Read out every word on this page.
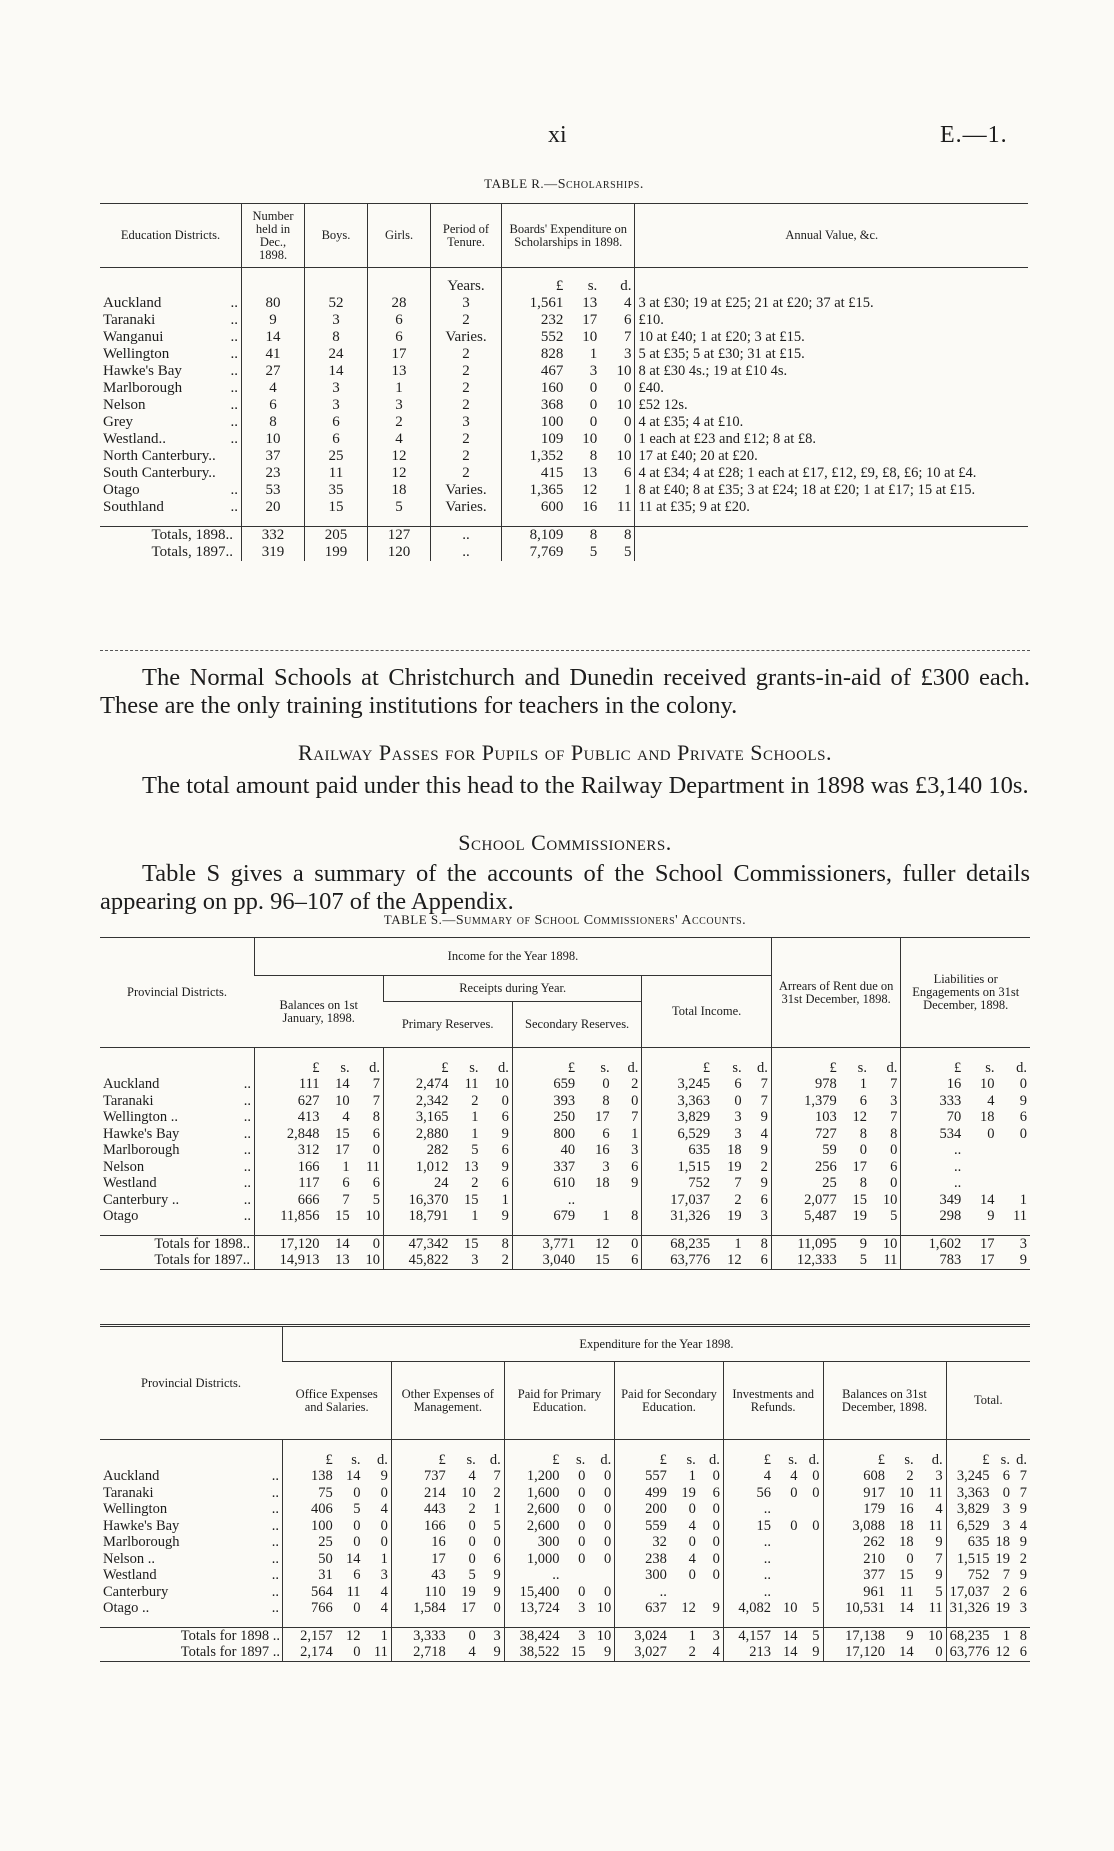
xi	E.—1.
TABLE R.—Scholarships.
Education Districts.	Number held in Dec., 1898.	Boys.	Girls.	Period of Tenure.	Boards' Expenditure on Scholarships in 1898.			Annual Value, &c.

				Years.	£	s.	d.	
Auckland ..	80	52	28	3	1,561	13	4	3 at £30; 19 at £25; 21 at £20; 37 at £15.
Taranaki ..	9	3	6	2	232	17	6	£10.
Wanganui ..	14	8	6	Varies.	552	10	7	10 at £40; 1 at £20; 3 at £15.
Wellington ..	41	24	17	2	828	1	3	5 at £35; 5 at £30; 31 at £15.
Hawke's Bay ..	27	14	13	2	467	3	10	8 at £30 4s.; 19 at £10 4s.
Marlborough ..	4	3	1	2	160	0	0	£40.
Nelson ..	6	3	3	2	368	0	10	£52 12s.
Grey ..	8	6	2	3	100	0	0	4 at £35; 4 at £10.
Westland.. ..	10	6	4	2	109	10	0	1 each at £23 and £12; 8 at £8.
North Canterbury..	37	25	12	2	1,352	8	10	17 at £40; 20 at £20.
South Canterbury..	23	11	12	2	415	13	6	4 at £34; 4 at £28; 1 each at £17, £12, £9, £8, £6; 10 at £4.
Otago ..	53	35	18	Varies.	1,365	12	1	8 at £40; 8 at £35; 3 at £24; 18 at £20; 1 at £17; 15 at £15.
Southland ..	20	15	5	Varies.	600	16	11	11 at £35; 9 at £20.

Totals, 1898..	332	205	127	..	8,109	8	8	
Totals, 1897..	319	199	120	..	7,769	5	5	

The Normal Schools at Christchurch and Dunedin received grants-in-aid of £300 each. These are the only training institutions for teachers in the colony.

Railway Passes for Pupils of Public and Private Schools.

The total amount paid under this head to the Railway Department in 1898 was £3,140 10s.

School Commissioners.

Table S gives a summary of the accounts of the School Commissioners, fuller details appearing on pp. 96–107 of the Appendix.

TABLE S.—Summary of School Commissioners' Accounts.
Provincial Districts.	Income for the Year 1898.												Arrears of Rent due on 31st December, 1898.			Liabilities or Engagements on 31st December, 1898.		
	Balances on 1st January, 1898.			Receipts during Year.						Total Income.								
				Primary Reserves.			Secondary Reserves.											
	£	s.	d.	£	s.	d.	£	s.	d.	£	s.	d.	£	s.	d.	£	s.	d.
Auckland ..	111	14	7	2,474	11	10	659	0	2	3,245	6	7	978	1	7	16	10	0
Taranaki ..	627	10	7	2,342	2	0	393	8	0	3,363	0	7	1,379	6	3	333	4	9
Wellington .. ..	413	4	8	3,165	1	6	250	17	7	3,829	3	9	103	12	7	70	18	6
Hawke's Bay ..	2,848	15	6	2,880	1	9	800	6	1	6,529	3	4	727	8	8	534	0	0
Marlborough ..	312	17	0	282	5	6	40	16	3	635	18	9	59	0	0	..		
Nelson ..	166	1	11	1,012	13	9	337	3	6	1,515	19	2	256	17	6	..		
Westland ..	117	6	6	24	2	6	610	18	9	752	7	9	25	8	0	..		
Canterbury .. ..	666	7	5	16,370	15	1	..			17,037	2	6	2,077	15	10	349	14	1
Otago ..	11,856	15	10	18,791	1	9	679	1	8	31,326	19	3	5,487	19	5	298	9	11

Totals for 1898..	17,120	14	0	47,342	15	8	3,771	12	0	68,235	1	8	11,095	9	10	1,602	17	3
Totals for 1897..	14,913	13	10	45,822	3	2	3,040	15	6	63,776	12	6	12,333	5	11	783	17	9
Provincial Districts.	Expenditure for the Year 1898.																				
	Office Expenses and Salaries.			Other Expenses of Management.			Paid for Primary Education.			Paid for Secondary Education.			Investments and Refunds.			Balances on 31st December, 1898.			Total.		
	£	s.	d.	£	s.	d.	£	s.	d.	£	s.	d.	£	s.	d.	£	s.	d.	£	s.	d.
Auckland ..	138	14	9	737	4	7	1,200	0	0	557	1	0	4	4	0	608	2	3	3,245	6	7
Taranaki ..	75	0	0	214	10	2	1,600	0	0	499	19	6	56	0	0	917	10	11	3,363	0	7
Wellington ..	406	5	4	443	2	1	2,600	0	0	200	0	0	..			179	16	4	3,829	3	9
Hawke's Bay ..	100	0	0	166	0	5	2,600	0	0	559	4	0	15	0	0	3,088	18	11	6,529	3	4
Marlborough ..	25	0	0	16	0	0	300	0	0	32	0	0	..			262	18	9	635	18	9
Nelson .. ..	50	14	1	17	0	6	1,000	0	0	238	4	0	..			210	0	7	1,515	19	2
Westland ..	31	6	3	43	5	9	..			300	0	0	..			377	15	9	752	7	9
Canterbury ..	564	11	4	110	19	9	15,400	0	0	..			..			961	11	5	17,037	2	6
Otago .. ..	766	0	4	1,584	17	0	13,724	3	10	637	12	9	4,082	10	5	10,531	14	11	31,326	19	3

Totals for 1898 ..	2,157	12	1	3,333	0	3	38,424	3	10	3,024	1	3	4,157	14	5	17,138	9	10	68,235	1	8
Totals for 1897 ..	2,174	0	11	2,718	4	9	38,522	15	9	3,027	2	4	213	14	9	17,120	14	0	63,776	12	6
